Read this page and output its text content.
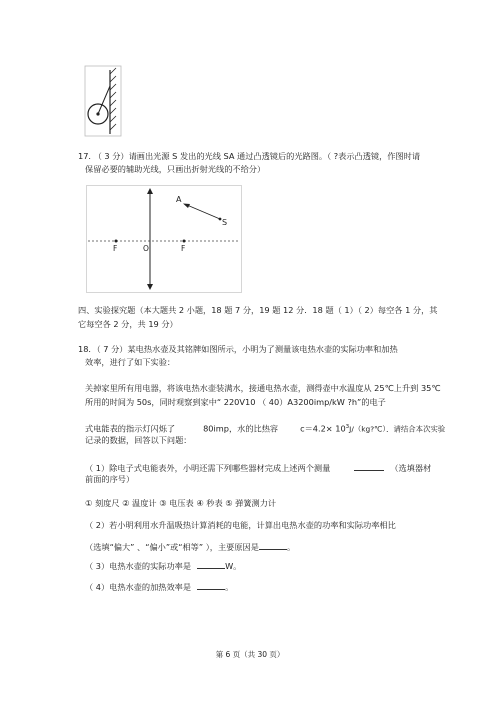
17. （ 3 分）请画出光源 S 发出的光线 SA 通过凸透镜后的光路图。（ ?表示凸透镜，作图时请
保留必要的辅助光线，只画出折射光线的不给分）
A
S
F	O	F
四、实验探究题（本大题共 2 小题，18 题 7 分，19 题 12 分．18 题（ 1）（ 2）每空各 1 分，其
它每空各 2 分，共 19 分）
18．（ 7 分）某电热水壶及其铭牌如图所示，小明为了测量该电热水壶的实际功率和加热
效率，进行了如下实验：
关掉家里所有用电器，将该电热水壶装满水，接通电热水壶，测得壶中水温度从 25℃上升到 35℃
所用的时间为 50s，同时观察到家中“ 220V10 （ 40）A3200imp/kW ?h”的电子
式电能表的指示灯闪烁了	80imp，水的比热容	$c=4.2\times 10^3J/(kg?℃)$．请结合本次实验
记录的数据，回答以下问题：
（ 1）除电子式电能表外，小明还需下列哪些器材完成上述两个测量	（选填器材
前面的序号）
① 刻度尺 ② 温度计 ③ 电压表 ④ 秒表 ⑤ 弹簧测力计
（ 2）若小明利用水升温吸热计算消耗的电能，计算出电热水壶的功率和实际功率相比
（选填“偏大” 、“偏小”或“相等” ），主要原因是	。
（ 3）电热水壶的实际功率是	W。
（ 4）电热水壶的加热效率是	。
第 6 页（共 30 页）
